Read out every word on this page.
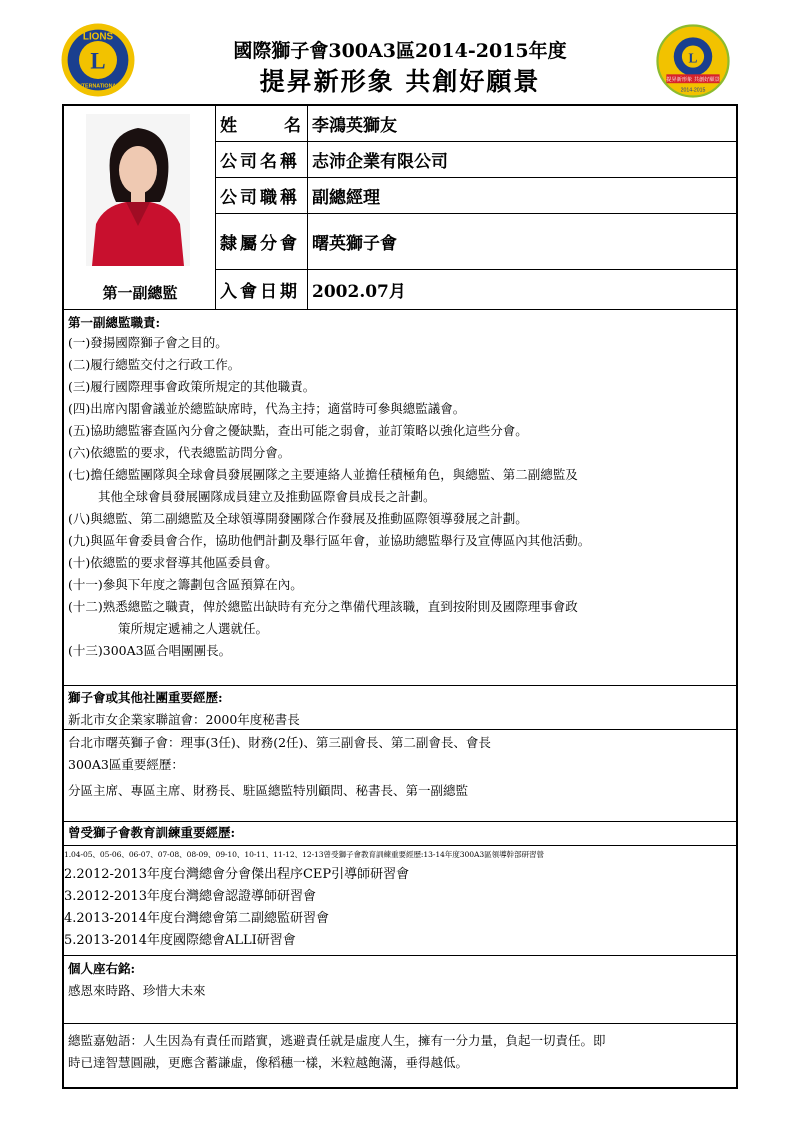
L
LIONS
INTERNATIONAL
國際獅子會300A3區2014-2015年度
提昇新形象 共創好願景
L
提昇新形象 共創好願景
2014-2015
第一副總監
姓	名 李鴻英獅友
公司名稱 志沛企業有限公司
公司職稱 副總經理
隸屬分會 曙英獅子會
入會日期 2002.07月
第一副總監職責:
(一)發揚國際獅子會之目的。
(二)履行總監交付之行政工作。
(三)履行國際理事會政策所規定的其他職責。
(四)出席內閣會議並於總監缺席時，代為主持；適當時可參與總監議會。
(五)協助總監審查區內分會之優缺點，查出可能之弱會，並訂策略以強化這些分會。
(六)依總監的要求，代表總監訪問分會。
(七)擔任總監團隊與全球會員發展團隊之主要連絡人並擔任積極角色，與總監、第二副總監及
其他全球會員發展團隊成員建立及推動區際會員成長之計劃。
(八)與總監、第二副總監及全球領導開發團隊合作發展及推動區際領導發展之計劃。
(九)與區年會委員會合作，協助他們計劃及舉行區年會，並協助總監舉行及宣傳區內其他活動。
(十)依總監的要求督導其他區委員會。
(十一)參與下年度之籌劃包含區預算在內。
(十二)熟悉總監之職責，俾於總監出缺時有充分之準備代理該職，直到按附則及國際理事會政
策所規定遞補之人選就任。
(十三)300A3區合唱團團長。
獅子會或其他社團重要經歷:
新北市女企業家聯誼會：2000年度秘書長
台北市曙英獅子會：理事(3任)、財務(2任)、第三副會長、第二副會長、會長
300A3區重要經歷：
分區主席、專區主席、財務長、駐區總監特別顧問、秘書長、第一副總監
曾受獅子會教育訓練重要經歷:
1.04-05、05-06、06-07、07-08、08-09、09-10、10-11、11-12、12-13曾受獅子會教育訓練重要經歷:13-14年度300A3區領導幹部研習營
2.2012-2013年度台灣總會分會傑出程序CEP引導師研習會
3.2012-2013年度台灣總會認證導師研習會
4.2013-2014年度台灣總會第二副總監研習會
5.2013-2014年度國際總會ALLI研習會
個人座右銘:
感恩來時路、珍惜大未來
總監嘉勉語：人生因為有責任而踏實，逃避責任就是虛度人生，擁有一分力量，負起一切責任。即
時已達智慧圓融，更應含蓄謙虛，像稻穗一樣，米粒越飽滿，垂得越低。
